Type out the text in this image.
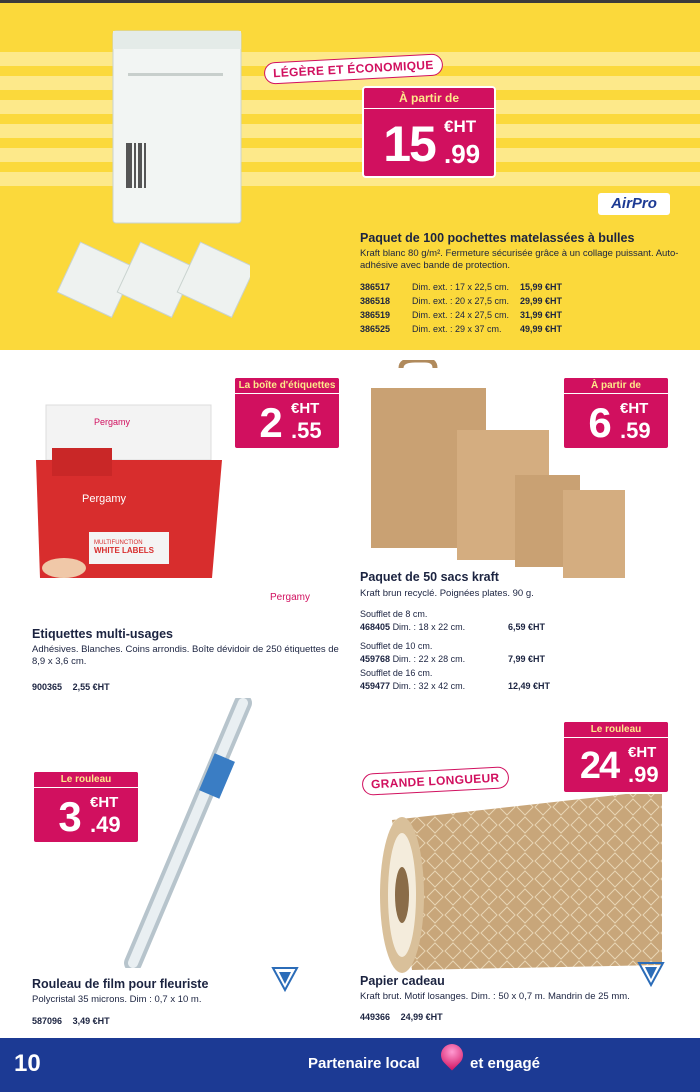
LÉGÈRE ET ÉCONOMIQUE
À partir de
15 €HT
.99
AirPro
Paquet de 100 pochettes matelassées à bulles
Kraft blanc 80 g/m². Fermeture sécurisée grâce à un collage puissant. Auto-adhésive avec bande de protection.
386517 Dim. ext. : 17 x 22,5 cm. 15,99 €HT
386518 Dim. ext. : 20 x 27,5 cm. 29,99 €HT
386519 Dim. ext. : 24 x 27,5 cm. 31,99 €HT
386525 Dim. ext. : 29 x 37 cm. 49,99 €HT
Pergamy
Pergamy
MULTIFUNCTION
WHITE LABELS
La boîte d'étiquettes
2 €HT
.55
Pergamy
Etiquettes multi-usages
Adhésives. Blanches. Coins arrondis. Boîte dévidoir de 250 étiquettes de 8,9 x 3,6 cm.
900365 2,55 €HT
À partir de
6 €HT
.59
Paquet de 50 sacs kraft
Kraft brun recyclé. Poignées plates. 90 g.
Soufflet de 8 cm.
468405 Dim. : 18 x 22 cm.	6,59 €HT
Soufflet de 10 cm.
459768 Dim. : 22 x 28 cm.	7,99 €HT
Soufflet de 16 cm.
459477 Dim. : 32 x 42 cm.	12,49 €HT
Le rouleau
3 €HT
.49
Rouleau de film pour fleuriste
Polycristal 35 microns. Dim : 0,7 x 10 m.
587096 3,49 €HT
GRANDE LONGUEUR
Le rouleau
24 €HT
.99
Papier cadeau
Kraft brut. Motif losanges. Dim. : 50 x 0,7 m. Mandrin de 25 mm.
449366 24,99 €HT
10	Partenaire local	et engagé
